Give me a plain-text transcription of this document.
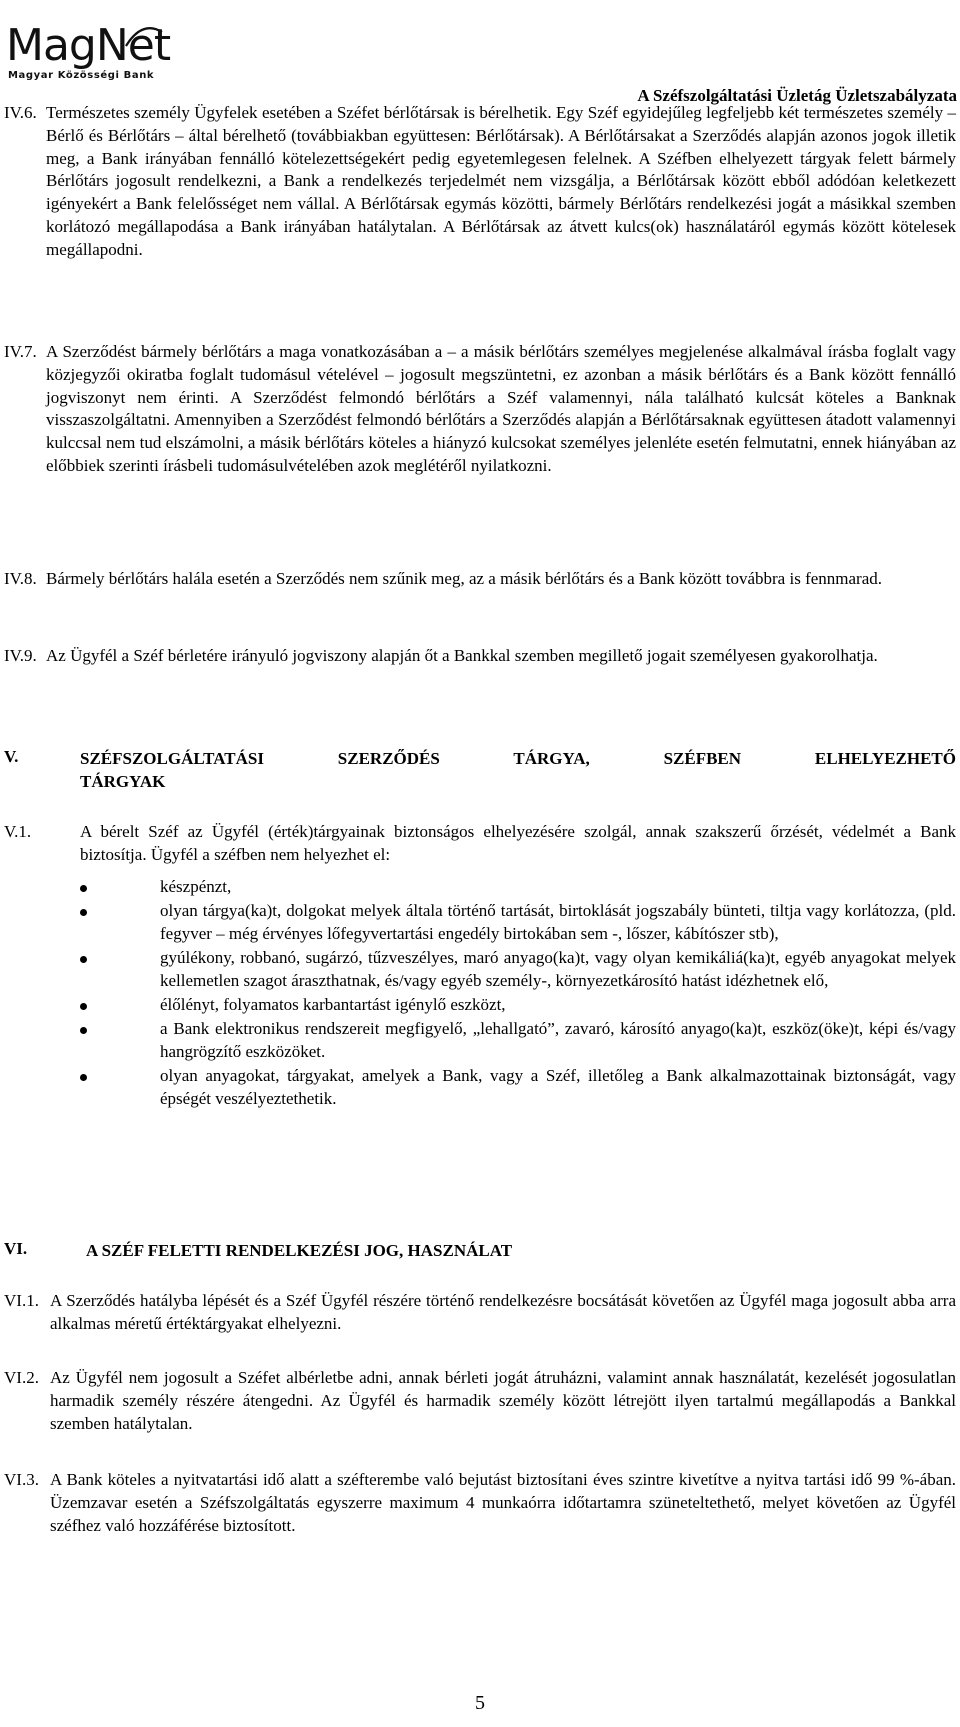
MagNet
Magyar Közösségi Bank
A Széfszolgáltatási Üzletág Üzletszabályzata
IV.6. Természetes személy Ügyfelek esetében a Széfet bérlőtársak is bérelhetik. Egy Széf egyidejűleg legfeljebb két természetes személy – Bérlő és Bérlőtárs – által bérelhető (továbbiakban együttesen: Bérlőtársak). A Bérlőtársakat a Szerződés alapján azonos jogok illetik meg, a Bank irányában fennálló kötelezettségekért pedig egyetemlegesen felelnek. A Széfben elhelyezett tárgyak felett bármely Bérlőtárs jogosult rendelkezni, a Bank a rendelkezés terjedelmét nem vizsgálja, a Bérlőtársak között ebből adódóan keletkezett igényekért a Bank felelősséget nem vállal. A Bérlőtársak egymás közötti, bármely Bérlőtárs rendelkezési jogát a másikkal szemben korlátozó megállapodása a Bank irányában hatálytalan. A Bérlőtársak az átvett kulcs(ok) használatáról egymás között kötelesek megállapodni.
IV.7. A Szerződést bármely bérlőtárs a maga vonatkozásában a – a másik bérlőtárs személyes megjelenése alkalmával írásba foglalt vagy közjegyzői okiratba foglalt tudomásul vételével – jogosult megszüntetni, ez azonban a másik bérlőtárs és a Bank között fennálló jogviszonyt nem érinti. A Szerződést felmondó bérlőtárs a Széf valamennyi, nála található kulcsát köteles a Banknak visszaszolgáltatni. Amennyiben a Szerződést felmondó bérlőtárs a Szerződés alapján a Bérlőtársaknak együttesen átadott valamennyi kulccsal nem tud elszámolni, a másik bérlőtárs köteles a hiányzó kulcsokat személyes jelenléte esetén felmutatni, ennek hiányában az előbbiek szerinti írásbeli tudomásulvételében azok meglétéről nyilatkozni.
IV.8. Bármely bérlőtárs halála esetén a Szerződés nem szűnik meg, az a másik bérlőtárs és a Bank között továbbra is fennmarad.
IV.9. Az Ügyfél a Széf bérletére irányuló jogviszony alapján őt a Bankkal szemben megillető jogait személyesen gyakorolhatja.
V.	SZÉFSZOLGÁLTATÁSI SZERZŐDÉS TÁRGYA, SZÉFBEN ELHELYEZHETŐ
TÁRGYAK
V.1.	A bérelt Széf az Ügyfél (érték)tárgyainak biztonságos elhelyezésére szolgál, annak szakszerű őrzését, védelmét a Bank biztosítja. Ügyfél a széfben nem helyezhet el:
készpénzt,
olyan tárgya(ka)t, dolgokat melyek általa történő tartását, birtoklását jogszabály bünteti, tiltja vagy korlátozza, (pld. fegyver – még érvényes lőfegyvertartási engedély birtokában sem -, lőszer, kábítószer stb),
gyúlékony, robbanó, sugárzó, tűzveszélyes, maró anyago(ka)t, vagy olyan kemikáliá(ka)t, egyéb anyagokat melyek kellemetlen szagot áraszthatnak, és/vagy egyéb személy-, környezetkárosító hatást idézhetnek elő,
élőlényt, folyamatos karbantartást igénylő eszközt,
a Bank elektronikus rendszereit megfigyelő, „lehallgató”, zavaró, károsító anyago(ka)t, eszköz(öke)t, képi és/vagy hangrögzítő eszközöket.
olyan anyagokat, tárgyakat, amelyek a Bank, vagy a Széf, illetőleg a Bank alkalmazottainak biztonságát, vagy épségét veszélyeztethetik.
VI.	A SZÉF FELETTI RENDELKEZÉSI JOG, HASZNÁLAT
VI.1. A Szerződés hatályba lépését és a Széf Ügyfél részére történő rendelkezésre bocsátását követően az Ügyfél maga jogosult abba arra alkalmas méretű értéktárgyakat elhelyezni.
VI.2. Az Ügyfél nem jogosult a Széfet albérletbe adni, annak bérleti jogát átruházni, valamint annak használatát, kezelését jogosulatlan harmadik személy részére átengedni. Az Ügyfél és harmadik személy között létrejött ilyen tartalmú megállapodás a Bankkal szemben hatálytalan.
VI.3. A Bank köteles a nyitvatartási idő alatt a széfterembe való bejutást biztosítani éves szintre kivetítve a nyitva tartási idő 99 %-ában. Üzemzavar esetén a Széfszolgáltatás egyszerre maximum 4 munkaórra időtartamra szüneteltethető, melyet követően az Ügyfél széfhez való hozzáférése biztosított.
5
